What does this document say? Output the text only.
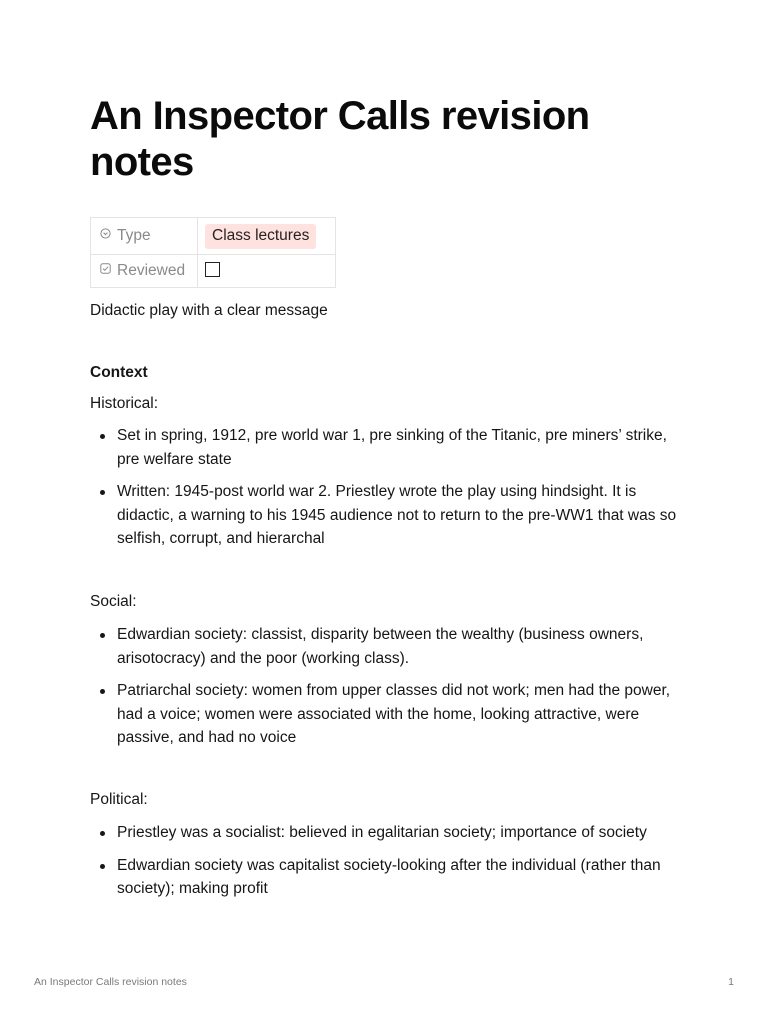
An Inspector Calls revision notes
Type	Class lectures
Reviewed	

Didactic play with a clear message

Context

Historical:

Set in spring, 1912, pre world war 1, pre sinking of the Titanic, pre miners’ strike, pre welfare state
Written: 1945-post world war 2. Priestley wrote the play using hindsight. It is didactic, a warning to his 1945 audience not to return to the pre-WW1 that was so selfish, corrupt, and hierarchal

Social:

Edwardian society: classist, disparity between the wealthy (business owners, arisotocracy) and the poor (working class).
Patriarchal society: women from upper classes did not work; men had the power, had a voice; women were associated with the home, looking attractive, were passive, and had no voice

Political:

Priestley was a socialist: believed in egalitarian society; importance of society
Edwardian society was capitalist society-looking after the individual (rather than society); making profit
An Inspector Calls revision notes	1
